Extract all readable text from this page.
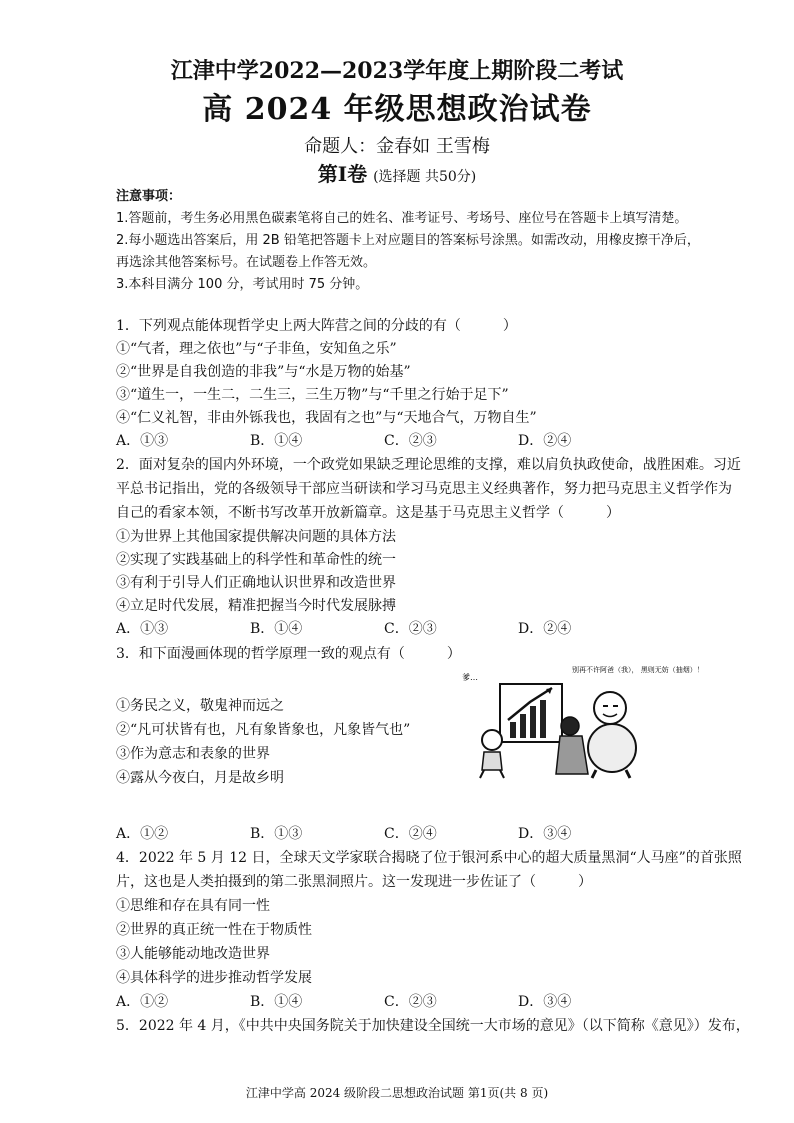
江津中学2022—2023学年度上期阶段二考试
高 2024 年级思想政治试卷
命题人：金春如 王雪梅
第Ⅰ卷 (选择题 共50分)
注意事项：
1.答题前，考生务必用黑色碳素笔将自己的姓名、准考证号、考场号、座位号在答题卡上填写清楚。
2.每小题选出答案后，用 2B 铅笔把答题卡上对应题目的答案标号涂黑。如需改动，用橡皮擦干净后，
再选涂其他答案标号。在试题卷上作答无效。
3.本科目满分 100 分，考试用时 75 分钟。
1．下列观点能体现哲学史上两大阵营之间的分歧的有（　　　）
①“气者，理之依也”与“子非鱼，安知鱼之乐”
②“世界是自我创造的非我”与“水是万物的始基”
③“道生一，一生二，二生三，三生万物”与“千里之行始于足下”
④“仁义礼智，非由外铄我也，我固有之也”与“天地合气，万物自生”
A．①③	B．①④	C．②③	D．②④
2．面对复杂的国内外环境，一个政党如果缺乏理论思维的支撑，难以肩负执政使命，战胜困难。习近
平总书记指出，党的各级领导干部应当研读和学习马克思主义经典著作，努力把马克思主义哲学作为
自己的看家本领，不断书写改革开放新篇章。这是基于马克思主义哲学（　　　）
①为世界上其他国家提供解决问题的具体方法
②实现了实践基础上的科学性和革命性的统一
③有利于引导人们正确地认识世界和改造世界
④立足时代发展，精准把握当今时代发展脉搏
A．①③	B．①④	C．②③	D．②④
3．和下面漫画体现的哲学原理一致的观点有（　　　）
①务民之义，敬鬼神而远之
②“凡可状皆有也，凡有象皆象也，凡象皆气也”
③作为意志和表象的世界
④露从今夜白，月是故乡明
A．①②	B．①③	C．②④	D．③④
4．2022 年 5 月 12 日，全球天文学家联合揭晓了位于银河系中心的超大质量黑洞“人马座”的首张照
片，这也是人类拍摄到的第二张黑洞照片。这一发现进一步佐证了（　　　）
①思维和存在具有同一性
②世界的真正统一性在于物质性
③人能够能动地改造世界
④具体科学的进步推动哲学发展
A．①②	B．①④	C．②③	D．③④
5．2022 年 4 月，《中共中央国务院关于加快建设全国统一大市场的意见》（以下简称《意见》）发布，
爹…
别再不许阿爸（我）， 黑则无妨（抽烟）！
江津中学高 2024 级阶段二思想政治试题 第1页(共 8 页)
